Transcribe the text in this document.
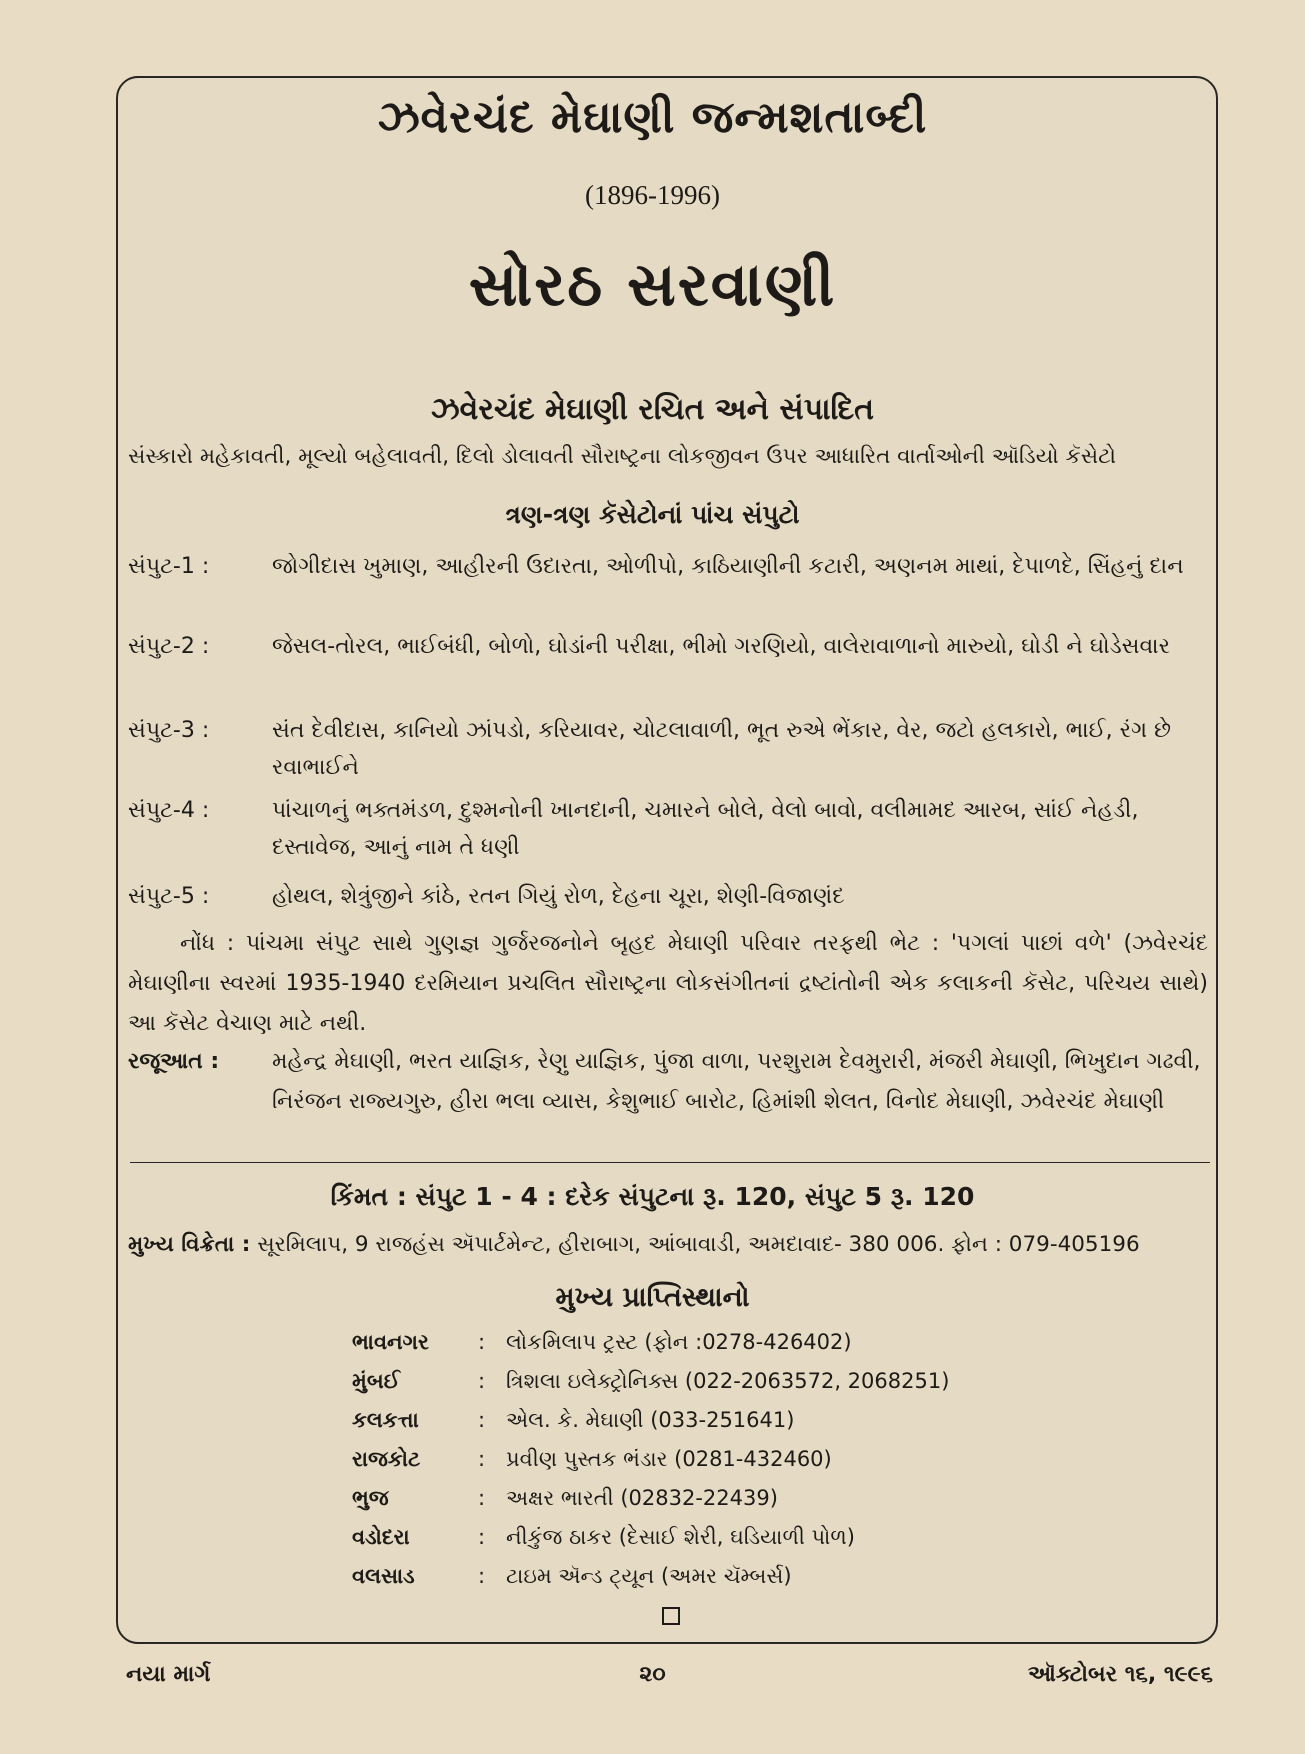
ઝવેરચંદ મેઘાણી જન્મશતાબ્દી
(1896-1996)
સોરઠ સરવાણી
ઝવેરચંદ મેઘાણી રચિત અને સંપાદિત
સંસ્કારો મહેકાવતી, મૂલ્યો બહેલાવતી, દિલો ડોલાવતી સૌરાષ્ટ્રના લોકજીવન ઉપર આધારિત વાર્તાઓની ઑડિયો કૅસેટો
ત્રણ-ત્રણ કૅસેટોનાં પાંચ સંપુટો
સંપુટ-1 :	જોગીદાસ ખુમાણ, આહીરની ઉદારતા, ઓળીપો, કાઠિયાણીની કટારી, અણનમ માથાં, દેપાળદે, સિંહનું દાન
સંપુટ-2 :	જેસલ-તોરલ, ભાઈબંધી, બોળો, ઘોડાંની પરીક્ષા, ભીમો ગરણિયો, વાલેરાવાળાનો મારુયો, ઘોડી ને ઘોડેસવાર
સંપુટ-3 :	સંત દેવીદાસ, કાનિયો ઝાંપડો, કરિયાવર, ચોટલાવાળી, ભૂત રુએ ભેંકાર, વેર, જટો હલકારો, ભાઈ, રંગ છે રવાભાઈને
સંપુટ-4 :	પાંચાળનું ભક્તમંડળ, દુશ્મનોની ખાનદાની, ચમારને બોલે, વેલો બાવો, વલીમામદ આરબ, સાંઈ નેહડી, દસ્તાવેજ, આનું નામ તે ધણી
સંપુટ-5 :	હોથલ, શેત્રુંજીને કાંઠે, રતન ગિયું રોળ, દેહના ચૂરા, શેણી-વિજાણંદ
નોંધ : પાંચમા સંપુટ સાથે ગુણજ્ઞ ગુર્જરજનોને બૃહદ મેઘાણી પરિવાર તરફથી ભેટ : 'પગલાં પાછાં વળે' (ઝવેરચંદ મેઘાણીના સ્વરમાં 1935-1940 દરમિયાન પ્રચલિત સૌરાષ્ટ્રના લોકસંગીતનાં દ્રષ્ટાંતોની એક કલાકની કૅસેટ, પરિચય સાથે) આ કૅસેટ વેચાણ માટે નથી.
રજૂઆત :	મહેન્દ્ર મેઘાણી, ભરત યાજ્ઞિક, રેણુ યાજ્ઞિક, પુંજા વાળા, પરશુરામ દેવમુરારી, મંજરી મેઘાણી, ભિખુદાન ગઢવી, નિરંજન રાજ્યગુરુ, હીરા ભલા વ્યાસ, કેશુભાઈ બારોટ, હિમાંશી શેલત, વિનોદ મેઘાણી, ઝવેરચંદ મેઘાણી
કિંમત : સંપુટ 1 - 4 : દરેક સંપુટના રૂ. 120, સંપુટ 5 રૂ. 120
મુખ્ય વિક્રેતા : સૂરમિલાપ, 9 રાજહંસ ઍપાર્ટમેન્ટ, હીરાબાગ, આંબાવાડી, અમદાવાદ- 380 006. ફોન : 079-405196
મુખ્ય પ્રાપ્તિસ્થાનો
ભાવનગર : લોકમિલાપ ટ્રસ્ટ (ફોન :0278-426402)
મુંબઈ	: ત્રિશલા ઇલેક્ટ્રોનિક્સ (022-2063572, 2068251)
કલકત્તા	: એલ. કે. મેઘાણી (033-251641)
રાજકોટ	: પ્રવીણ પુસ્તક ભંડાર (0281-432460)
ભુજ	: અક્ષર ભારતી (02832-22439)
વડોદરા	: નીકુંજ ઠાકર (દેસાઈ શેરી, ઘડિયાળી પોળ)
વલસાડ	: ટાઇમ ઍન્ડ ટ્યૂન (અમર ચૅમ્બર્સ)
નયા માર્ગ	૨૦	ઑક્ટોબર ૧૬, ૧૯૯૬
